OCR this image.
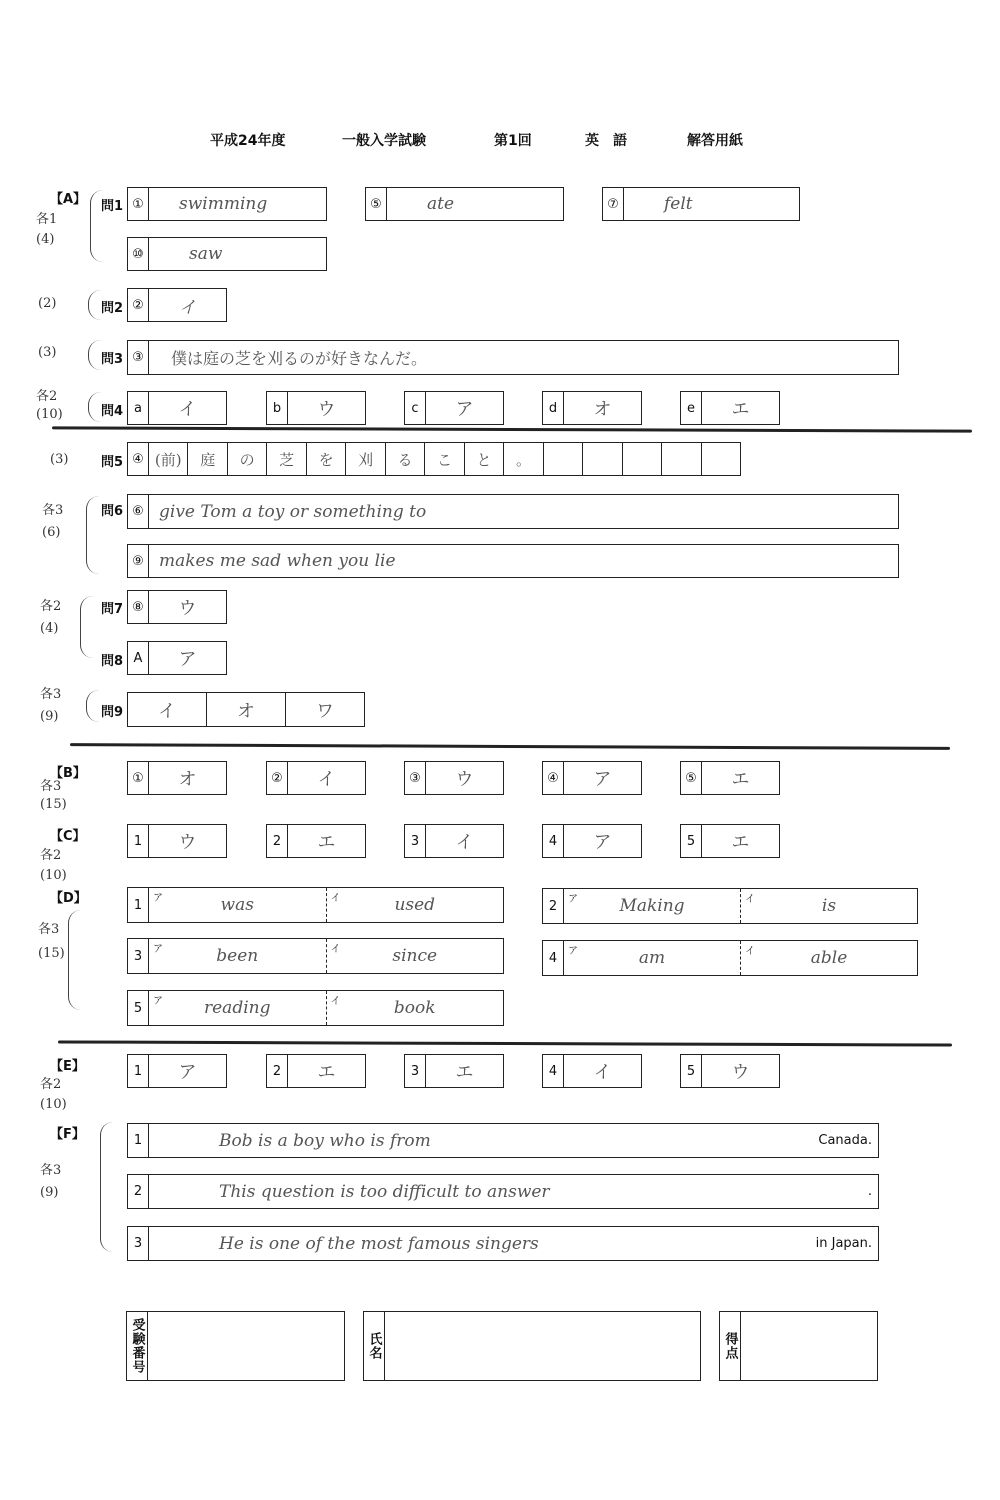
平成24年度	一般入学試験	第1回	英　語	解答用紙
【A】
各1 (4)
問1 ①	swimming	⑤	ate	⑦	felt
⑩	saw
(2)	問2 ②	イ
(3)	問3 ③	僕は庭の芝を刈るのが好きなんだ。
各2 (10)	問4 a	イ	b	ウ	c	ア	d	オ	e	エ
(3)	問5 ④ (前)	庭	の	芝	を	刈	る	こ	と	。
各3 (6)
問6 ⑥ give Tom a toy or something to
⑨ makes me sad when you lie
各2 (4)
問7 ⑧	ウ
問8 A	ア
各3 (9)	問9	イ	オ	ワ
【B】
各3 (15)
①	オ	②	イ	③	ウ	④	ア	⑤	エ
【C】
各2 (10)
1	ウ	2	エ	3	イ	4	ア	5	エ
【D】
各3 (15)
1	ア	was	イ	used	2	ア Making	イ	is
3	ア	been	イ	since	4	ア	am	イ	able
5	ア reading	イ	book
【E】
各2 (10)
1	ア	2	エ	3	エ	4	イ	5	ウ
【F】
各3 (9)
1	Bob is a boy who is from	Canada.
2	This question is too difficult to answer	.
3	He is one of the most famous singers	in Japan.
受験番号	氏名	得点
